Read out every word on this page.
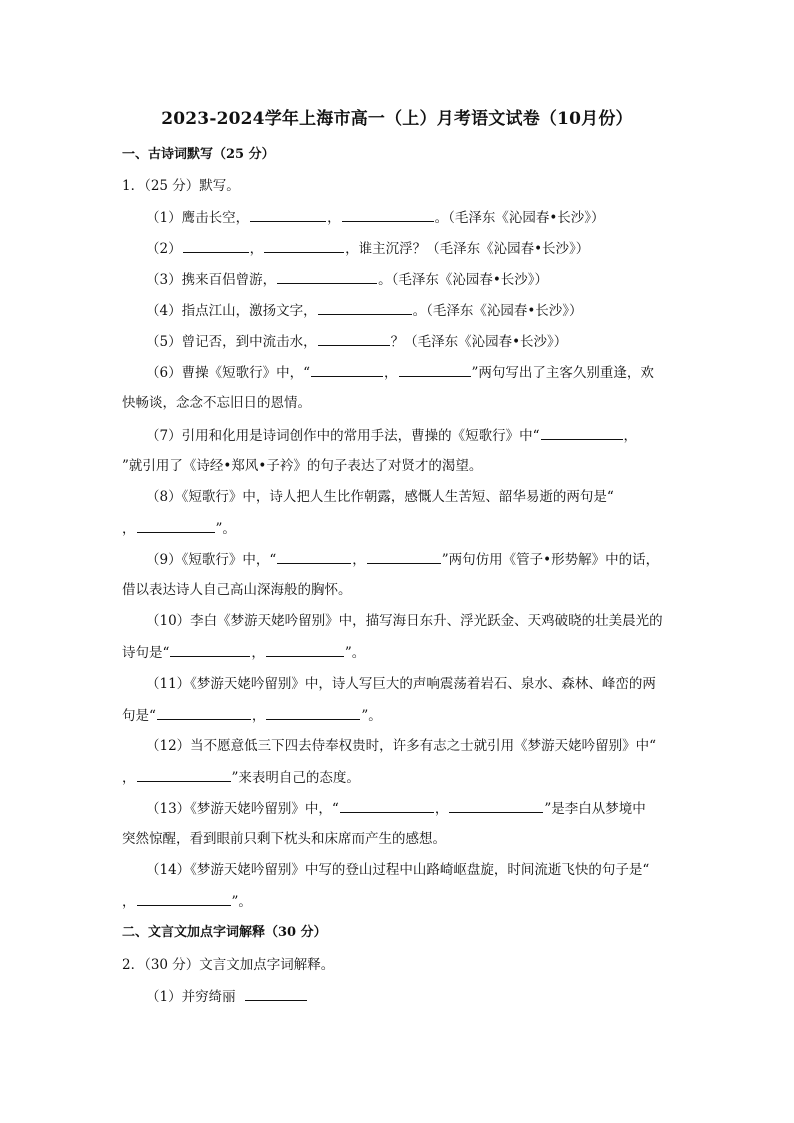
2023-2024学年上海市高一（上）月考语文试卷（10月份）
一、古诗词默写（25 分）
1．（25 分）默写。
（1）鹰击长空，	，	。（毛泽东《沁园春•长沙》）
（2）	，	，谁主沉浮？（毛泽东《沁园春•长沙》）
（3）携来百侣曾游，	。（毛泽东《沁园春•长沙》）
（4）指点江山，激扬文字，	。（毛泽东《沁园春•长沙》）
（5）曾记否，到中流击水，	？（毛泽东《沁园春•长沙》）
（6）曹操《短歌行》中，“	，	”两句写出了主客久别重逢，欢
快畅谈，念念不忘旧日的恩情。
（7）引用和化用是诗词创作中的常用手法，曹操的《短歌行》中“	，
”就引用了《诗经•郑风•子衿》的句子表达了对贤才的渴望。
（8）《短歌行》中，诗人把人生比作朝露，感慨人生苦短、韶华易逝的两句是“
，	”。
（9）《短歌行》中，“	，	”两句仿用《管子•形势解》中的话，
借以表达诗人自己高山深海般的胸怀。
（10）李白《梦游天姥吟留别》中，描写海日东升、浮光跃金、天鸡破晓的壮美晨光的
诗句是“	，	”。
（11）《梦游天姥吟留别》中，诗人写巨大的声响震荡着岩石、泉水、森林、峰峦的两
句是“	，	”。
（12）当不愿意低三下四去侍奉权贵时，许多有志之士就引用《梦游天姥吟留别》中“
，	”来表明自己的态度。
（13）《梦游天姥吟留别》中，“	，	”是李白从梦境中
突然惊醒，看到眼前只剩下枕头和床席而产生的感想。
（14）《梦游天姥吟留别》中写的登山过程中山路崎岖盘旋，时间流逝飞快的句子是“
，	”。
二、文言文加点字词解释（30 分）
2．（30 分）文言文加点字词解释。
（1）并穷绮丽
